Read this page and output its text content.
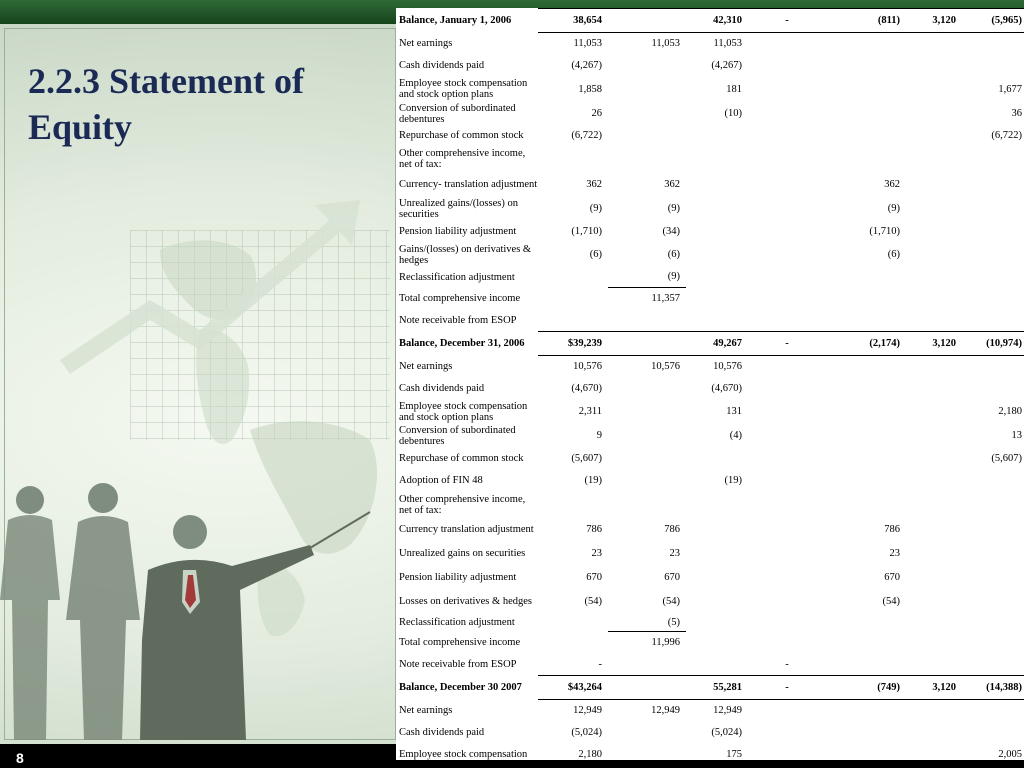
2.2.3 Statement of
Equity
8
Balance, January 1, 2006	38,654		42,310	-	(811)	3,120	(5,965)
Net earnings	11,053	11,053	11,053				
Cash dividends paid	(4,267)		(4,267)				
Employee stock compensation and stock option plans	1,858		181				1,677
Conversion of subordinated debentures	26		(10)				36
Repurchase of common stock	(6,722)						(6,722)
Other comprehensive income, net of tax:							
Currency- translation adjustment	362	362			362		
Unrealized gains/(losses) on securities	(9)	(9)			(9)		
Pension liability adjustment	(1,710)	(34)			(1,710)		
Gains/(losses) on derivatives & hedges	(6)	(6)			(6)		
Reclassification adjustment		(9)					
Total comprehensive income		11,357					
Note receivable from ESOP							
Balance, December 31, 2006	$39,239		49,267	-	(2,174)	3,120	(10,974)
Net earnings	10,576	10,576	10,576				
Cash dividends paid	(4,670)		(4,670)				
Employee stock compensation and stock option plans	2,311		131				2,180
Conversion of subordinated debentures	9		(4)				13
Repurchase of common stock	(5,607)						(5,607)
Adoption of FIN 48	(19)		(19)				
Other comprehensive income, net of tax:							
Currency translation adjustment	786	786			786		
Unrealized gains on securities	23	23			23		
Pension liability adjustment	670	670			670		
Losses on derivatives & hedges	(54)	(54)			(54)		
Reclassification adjustment		(5)					
Total comprehensive income		11,996					
Note receivable from ESOP	-			-			
Balance, December 30 2007	$43,264		55,281	-	(749)	3,120	(14,388)
Net earnings	12,949	12,949	12,949				
Cash dividends paid	(5,024)		(5,024)				
Employee stock compensation	2,180		175				2,005
